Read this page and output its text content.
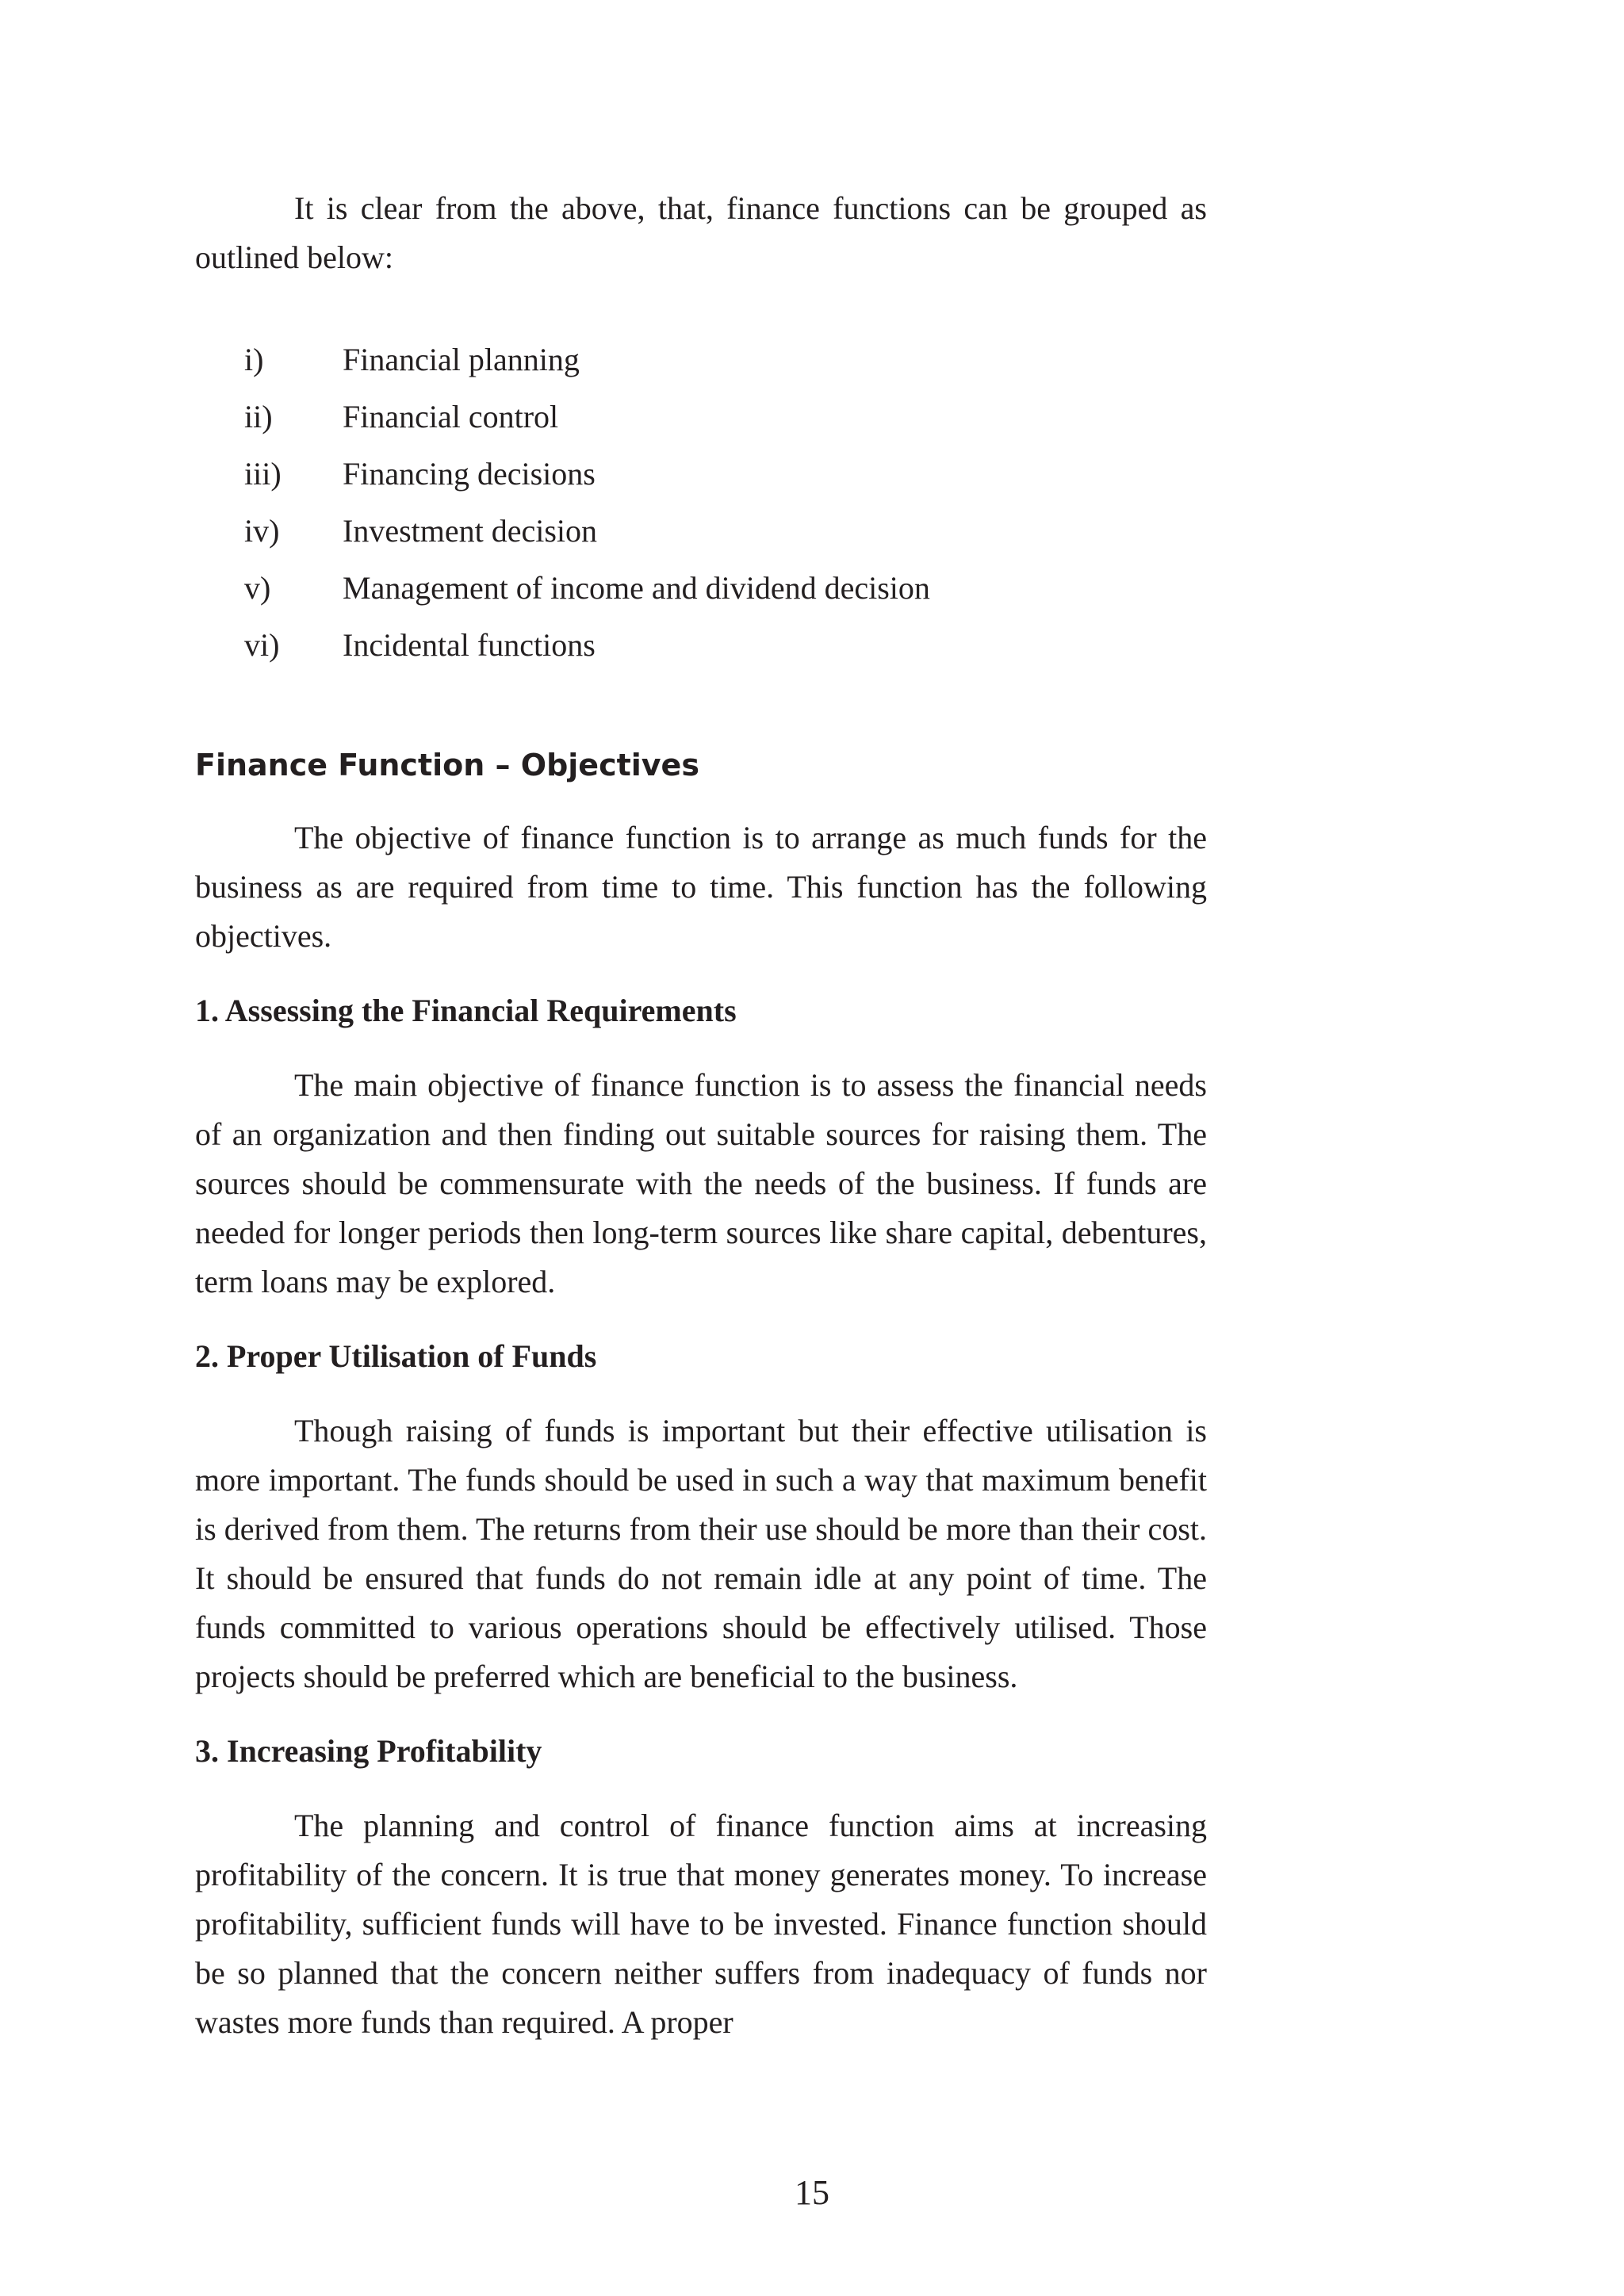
It is clear from the above, that, finance functions can be grouped as outlined below:

i)	Financial planning
ii)	Financial control
iii)	Financing decisions
iv)	Investment decision
v)	Management of income and dividend decision
vi)	Incidental functions
Finance Function – Objectives

The objective of finance function is to arrange as much funds for the business as are required from time to time. This function has the following objectives.

1. Assessing the Financial Requirements

The main objective of finance function is to assess the financial needs of an organization and then finding out suitable sources for raising them. The sources should be commensurate with the needs of the business. If funds are needed for longer periods then long-term sources like share capital, debentures, term loans may be explored.

2. Proper Utilisation of Funds

Though raising of funds is important but their effective utilisation is more important. The funds should be used in such a way that maximum benefit is derived from them. The returns from their use should be more than their cost. It should be ensured that funds do not remain idle at any point of time. The funds committed to various operations should be effectively utilised. Those projects should be preferred which are beneficial to the business.

3. Increasing Profitability

The planning and control of finance function aims at increasing profitability of the concern. It is true that money generates money. To increase profitability, sufficient funds will have to be invested. Finance function should be so planned that the concern neither suffers from inadequacy of funds nor wastes more funds than required. A proper

15
